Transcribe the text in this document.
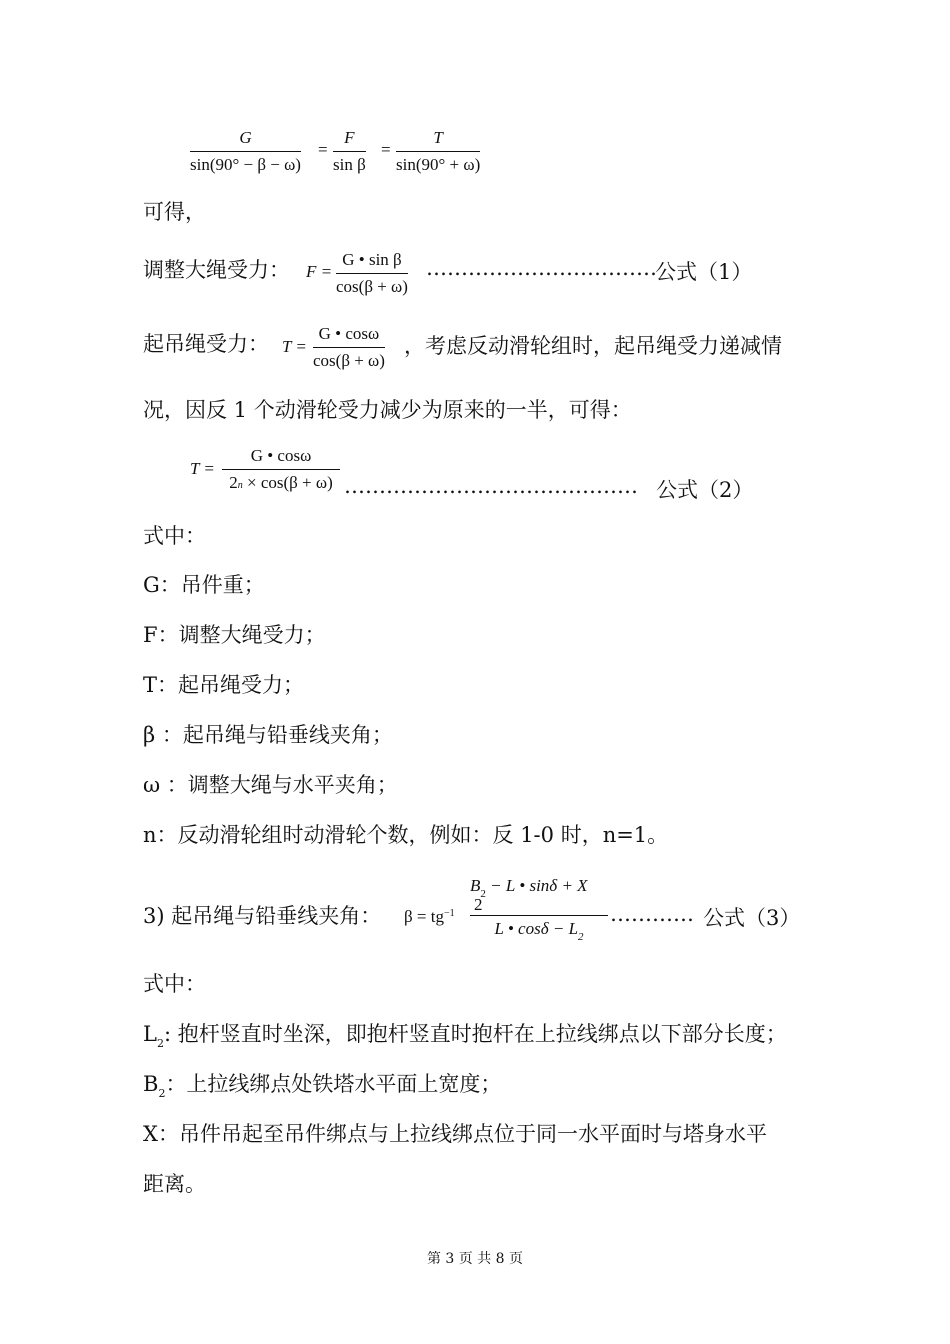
G
sin(90° − β − ω)
=
F
sin β
=
T
sin(90° + ω)
可得，
调整大绳受力： F =
G • sin β
cos(β + ω)
……………………………
公式（1）
起吊绳受力： T =
G • cosω
cos(β + ω)
，考虑反动滑轮组时，起吊绳受力递减情
况，因反 1 个动滑轮受力减少为原来的一半，可得：
T =
G • cosω
2n × cos(β + ω) …………………………………… 公式（2）
式中：
G：吊件重；
F：调整大绳受力；
T：起吊绳受力；
β ：起吊绳与铅垂线夹角；
ω ：调整大绳与水平夹角；
n：反动滑轮组时动滑轮个数，例如：反 1-0 时，n=1。
3) 起吊绳与铅垂线夹角： $\beta = tg^{-1}$
$B_2 - L$ • sinδ + X
2
L • $\cos\delta - L_2$
………… 公式（3）
式中：
$L_2$: 抱杆竖直时坐深，即抱杆竖直时抱杆在上拉线绑点以下部分长度；
$B_2$：上拉线绑点处铁塔水平面上宽度；
X：吊件吊起至吊件绑点与上拉线绑点位于同一水平面时与塔身水平
距离。
第 3 页 共 8 页
